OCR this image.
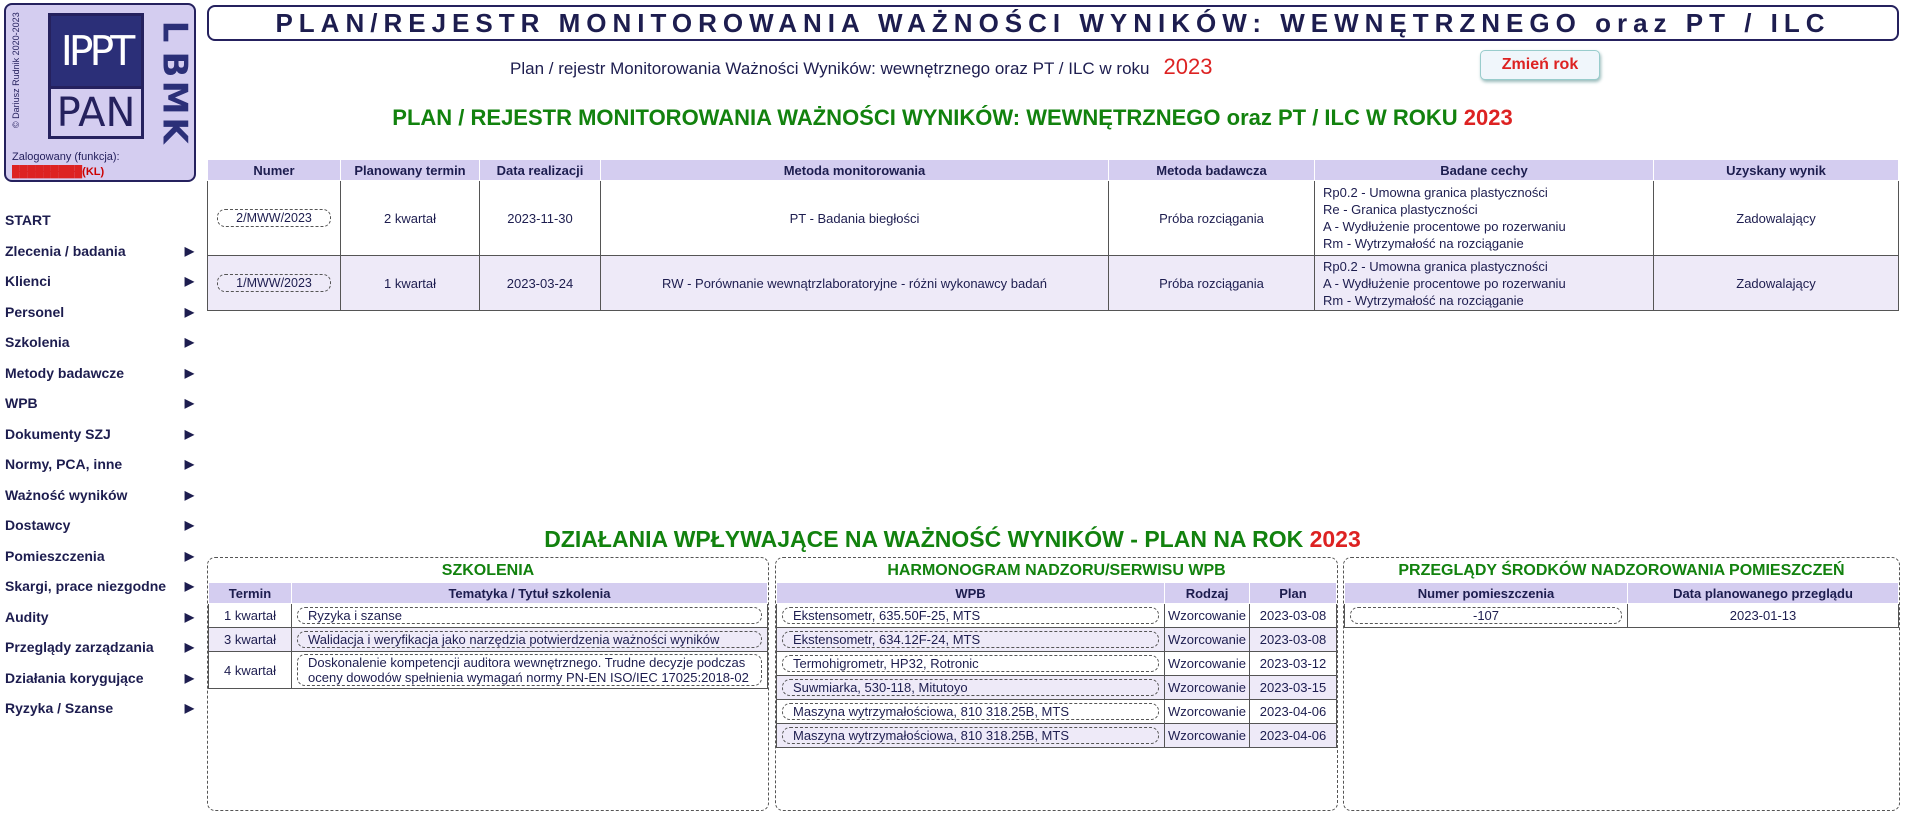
© Dariusz Rudnik 2020-2023 IPPT
PAN
L
B
M
K
Zalogowany (funkcja):
█████████(KL)
START
Zlecenia / badania	▶
Klienci	▶
Personel	▶
Szkolenia	▶
Metody badawcze	▶
WPB	▶
Dokumenty SZJ	▶
Normy, PCA, inne	▶
Ważność wyników	▶
Dostawcy	▶
Pomieszczenia	▶
Skargi, prace niezgodne ▶
Audity	▶
Przeglądy zarządzania	▶
Działania korygujące	▶
Ryzyka / Szanse	▶
PLAN/REJESTR MONITOROWANIA WAŻNOŚCI WYNIKÓW: WEWNĘTRZNEGO oraz PT / ILC
Plan / rejestr Monitorowania Ważności Wyników: wewnętrznego oraz PT / ILC w roku 2023	Zmień rok
PLAN / REJESTR MONITOROWANIA WAŻNOŚCI WYNIKÓW: WEWNĘTRZNEGO oraz PT / ILC W ROKU 2023
Numer	Planowany termin	Data realizacji	Metoda monitorowania	Metoda badawcza	Badane cechy	Uzyskany wynik
2/MWW/2023	2 kwartał	2023-11-30	PT - Badania biegłości	Próba rozciągania	Rp0.2 - Umowna granica plastyczności
Re - Granica plastyczności
A - Wydłużenie procentowe po rozerwaniu
Rm - Wytrzymałość na rozciąganie	Zadowalający
1/MWW/2023	1 kwartał	2023-03-24	RW - Porównanie wewnątrzlaboratoryjne - różni wykonawcy badań	Próba rozciągania	Rp0.2 - Umowna granica plastyczności
A - Wydłużenie procentowe po rozerwaniu
Rm - Wytrzymałość na rozciąganie	Zadowalający
DZIAŁANIA WPŁYWAJĄCE NA WAŻNOŚĆ WYNIKÓW - PLAN NA ROK 2023
SZKOLENIA
Termin	Tematyka / Tytuł szkolenia
1 kwartał	Ryzyka i szanse

3 kwartał	Walidacja i weryfikacja jako narzędzia potwierdzenia ważności wyników

4 kwartał	Doskonalenie kompetencji auditora wewnętrznego. Trudne decyzje podczas oceny dowodów spełnienia wymagań normy PN-EN ISO/IEC 17025:2018-02
HARMONOGRAM NADZORU/SERWISU WPB
WPB	Rodzaj	Plan

Ekstensometr, 635.50F-25, MTS	Wzorcowanie	2023-03-08

Ekstensometr, 634.12F-24, MTS	Wzorcowanie	2023-03-08

Termohigrometr, HP32, Rotronic	Wzorcowanie	2023-03-12

Suwmiarka, 530-118, Mitutoyo	Wzorcowanie	2023-03-15

Maszyna wytrzymałościowa, 810 318.25B, MTS	Wzorcowanie	2023-04-06

Maszyna wytrzymałościowa, 810 318.25B, MTS	Wzorcowanie	2023-04-06
PRZEGLĄDY ŚRODKÓW NADZOROWANIA POMIESZCZEŃ
Numer pomieszczenia	Data planowanego przeglądu

-107	2023-01-13
